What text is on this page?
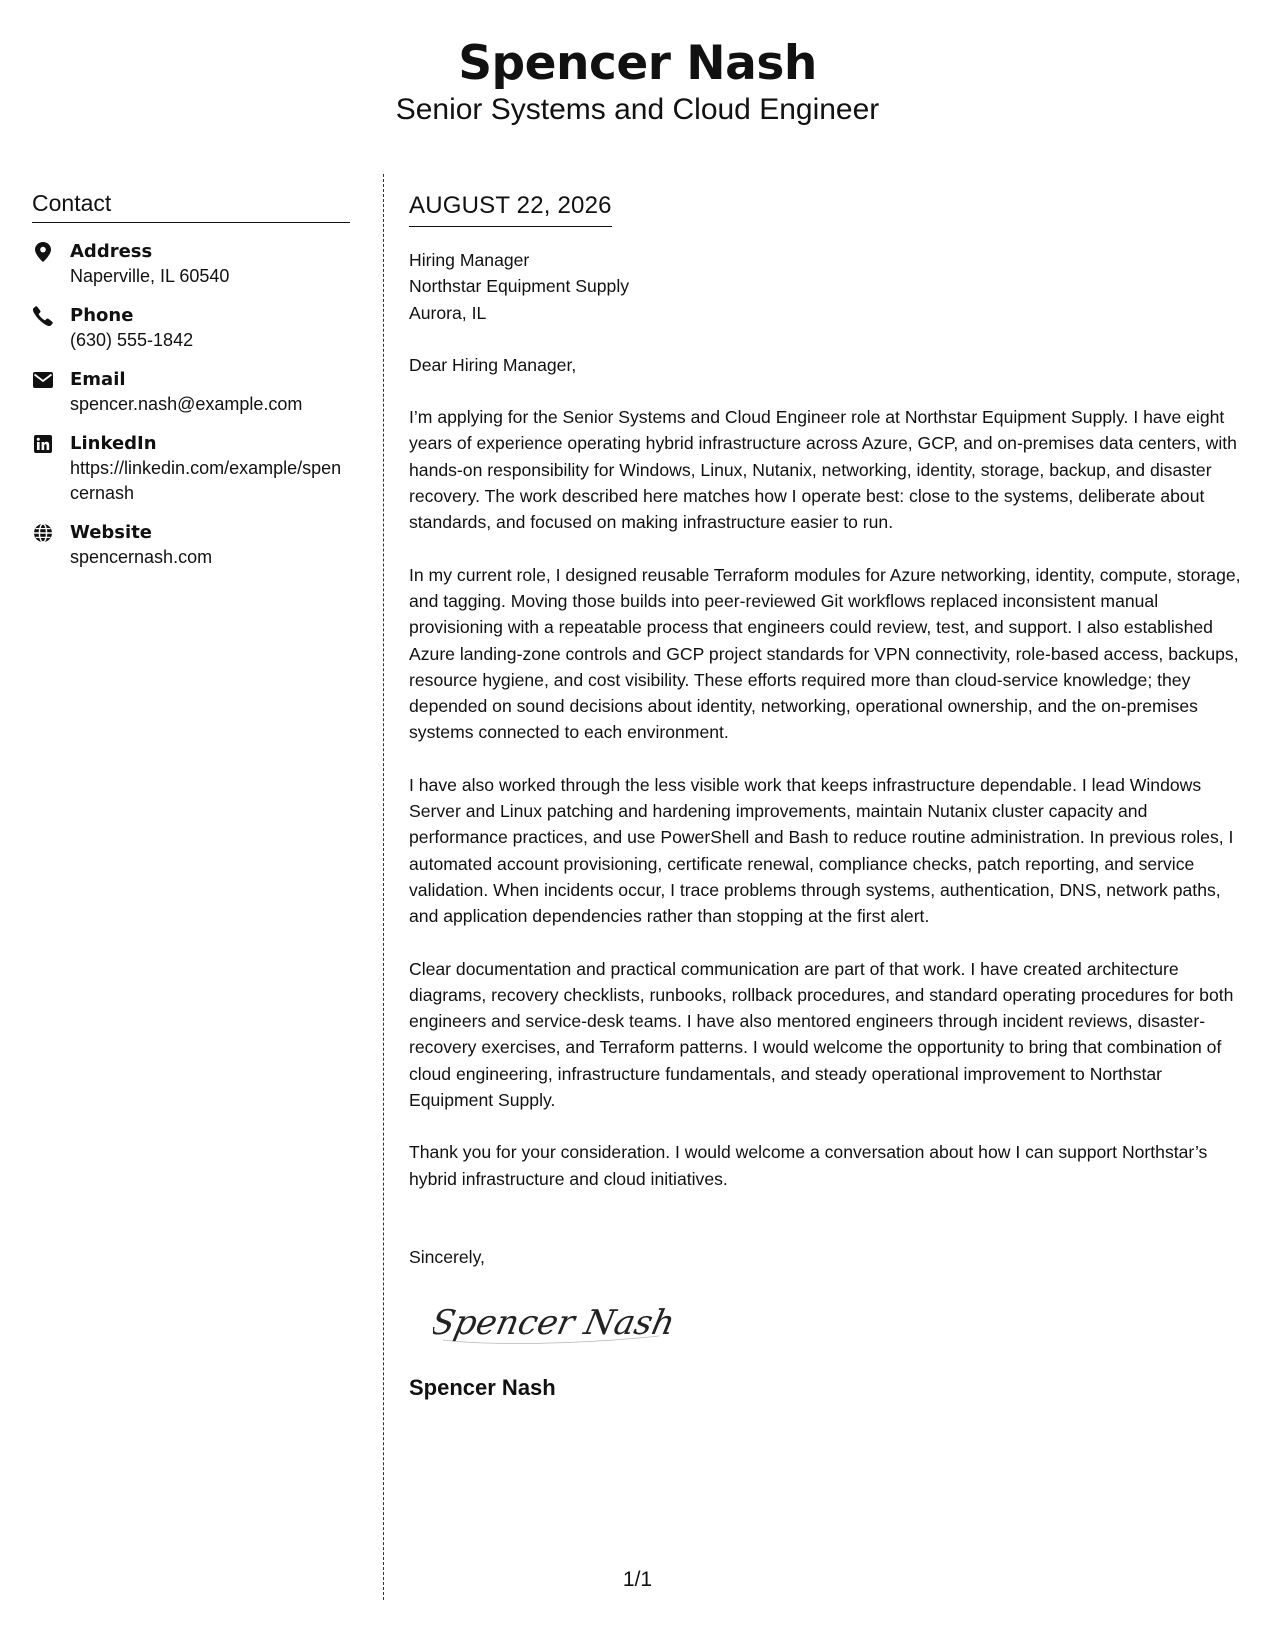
Spencer Nash
Senior Systems and Cloud Engineer
Contact
Address
Naperville, IL 60540
Phone
(630) 555-1842
Email
spencer.nash@example.com
LinkedIn
https://linkedin.com/example/spencernash
Website
spencernash.com
AUGUST 22, 2026
Hiring Manager
Northstar Equipment Supply
Aurora, IL
Dear Hiring Manager,

I’m applying for the Senior Systems and Cloud Engineer role at Northstar Equipment Supply. I have eight years of experience operating hybrid infrastructure across Azure, GCP, and on-premises data centers, with hands-on responsibility for Windows, Linux, Nutanix, networking, identity, storage, backup, and disaster recovery. The work described here matches how I operate best: close to the systems, deliberate about standards, and focused on making infrastructure easier to run.

In my current role, I designed reusable Terraform modules for Azure networking, identity, compute, storage, and tagging. Moving those builds into peer-reviewed Git workflows replaced inconsistent manual provisioning with a repeatable process that engineers could review, test, and support. I also established Azure landing-zone controls and GCP project standards for VPN connectivity, role-based access, backups, resource hygiene, and cost visibility. These efforts required more than cloud-service knowledge; they depended on sound decisions about identity, networking, operational ownership, and the on-premises systems connected to each environment.

I have also worked through the less visible work that keeps infrastructure dependable. I lead Windows Server and Linux patching and hardening improvements, maintain Nutanix cluster capacity and performance practices, and use PowerShell and Bash to reduce routine administration. In previous roles, I automated account provisioning, certificate renewal, compliance checks, patch reporting, and service validation. When incidents occur, I trace problems through systems, authentication, DNS, network paths, and application dependencies rather than stopping at the first alert.

Clear documentation and practical communication are part of that work. I have created architecture diagrams, recovery checklists, runbooks, rollback procedures, and standard operating procedures for both engineers and service-desk teams. I have also mentored engineers through incident reviews, disaster-recovery exercises, and Terraform patterns. I would welcome the opportunity to bring that combination of cloud engineering, infrastructure fundamentals, and steady operational improvement to Northstar Equipment Supply.

Thank you for your consideration. I would welcome a conversation about how I can support Northstar’s hybrid infrastructure and cloud initiatives.

Sincerely,
Spencer Nash
Spencer Nash
1/1
